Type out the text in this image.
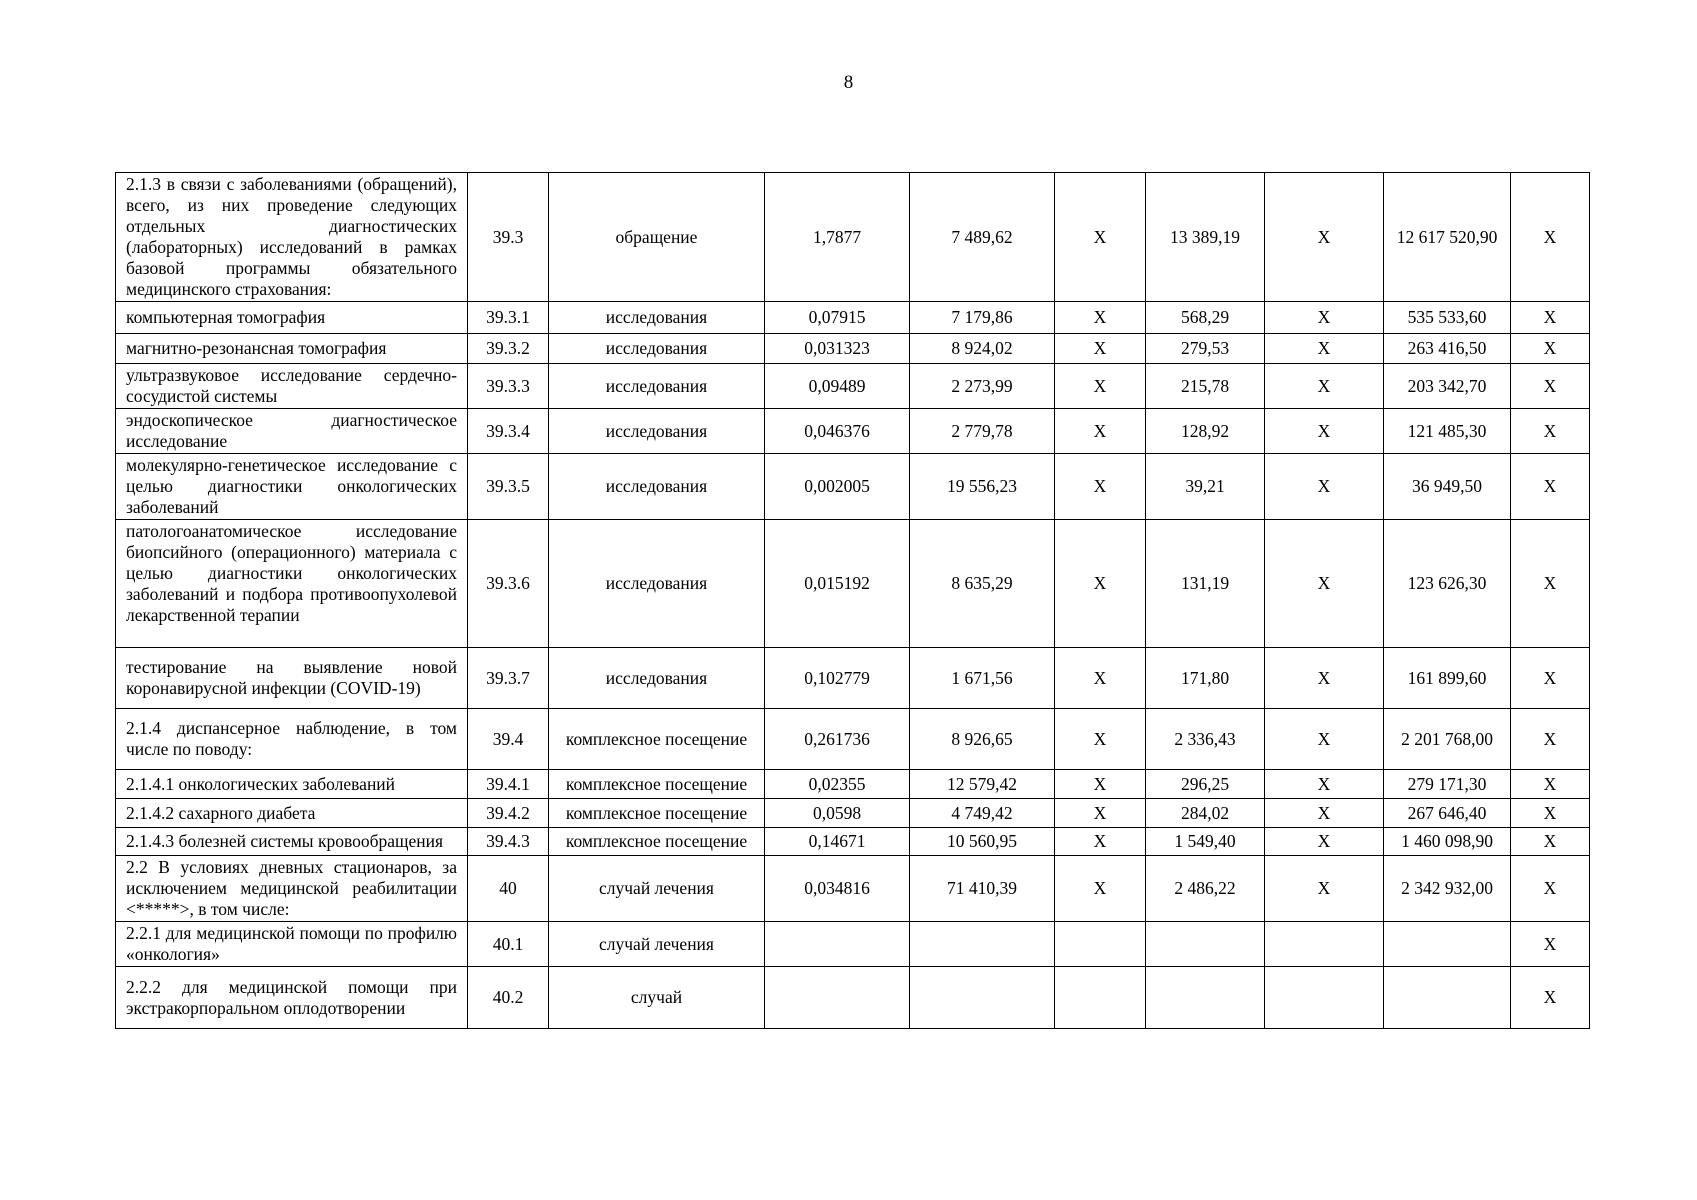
8
2.1.3 в связи с заболеваниями (обращений), всего, из них проведение следующих отдельных диагностических (лабораторных) исследований в рамках базовой программы обязательного медицинского страхования:	39.3	обращение	1,7877	7 489,62	X	13 389,19	X	12 617 520,90	X
компьютерная томография	39.3.1	исследования	0,07915	7 179,86	X	568,29	X	535 533,60	X
магнитно-резонансная томография	39.3.2	исследования	0,031323	8 924,02	X	279,53	X	263 416,50	X
ультразвуковое исследование сердечно-сосудистой системы	39.3.3	исследования	0,09489	2 273,99	X	215,78	X	203 342,70	X
эндоскопическое диагностическое исследование	39.3.4	исследования	0,046376	2 779,78	X	128,92	X	121 485,30	X
молекулярно-генетическое исследование с целью диагностики онкологических заболеваний	39.3.5	исследования	0,002005	19 556,23	X	39,21	X	36 949,50	X
патологоанатомическое исследование биопсийного (операционного) материала с целью диагностики онкологических заболеваний и подбора противоопухолевой лекарственной терапии	39.3.6	исследования	0,015192	8 635,29	X	131,19	X	123 626,30	X
тестирование на выявление новой коронавирусной инфекции (COVID-19)	39.3.7	исследования	0,102779	1 671,56	X	171,80	X	161 899,60	X
2.1.4 диспансерное наблюдение, в том числе по поводу:	39.4	комплексное посещение	0,261736	8 926,65	X	2 336,43	X	2 201 768,00	X
2.1.4.1 онкологических заболеваний	39.4.1	комплексное посещение	0,02355	12 579,42	X	296,25	X	279 171,30	X
2.1.4.2 сахарного диабета	39.4.2	комплексное посещение	0,0598	4 749,42	X	284,02	X	267 646,40	X
2.1.4.3 болезней системы кровообращения	39.4.3	комплексное посещение	0,14671	10 560,95	X	1 549,40	X	1 460 098,90	X
2.2 В условиях дневных стационаров, за исключением медицинской реабилитации <*****>, в том числе:	40	случай лечения	0,034816	71 410,39	X	2 486,22	X	2 342 932,00	X
2.2.1 для медицинской помощи по профилю «онкология»	40.1	случай лечения							X
2.2.2 для медицинской помощи при экстракорпоральном оплодотворении	40.2	случай							X
